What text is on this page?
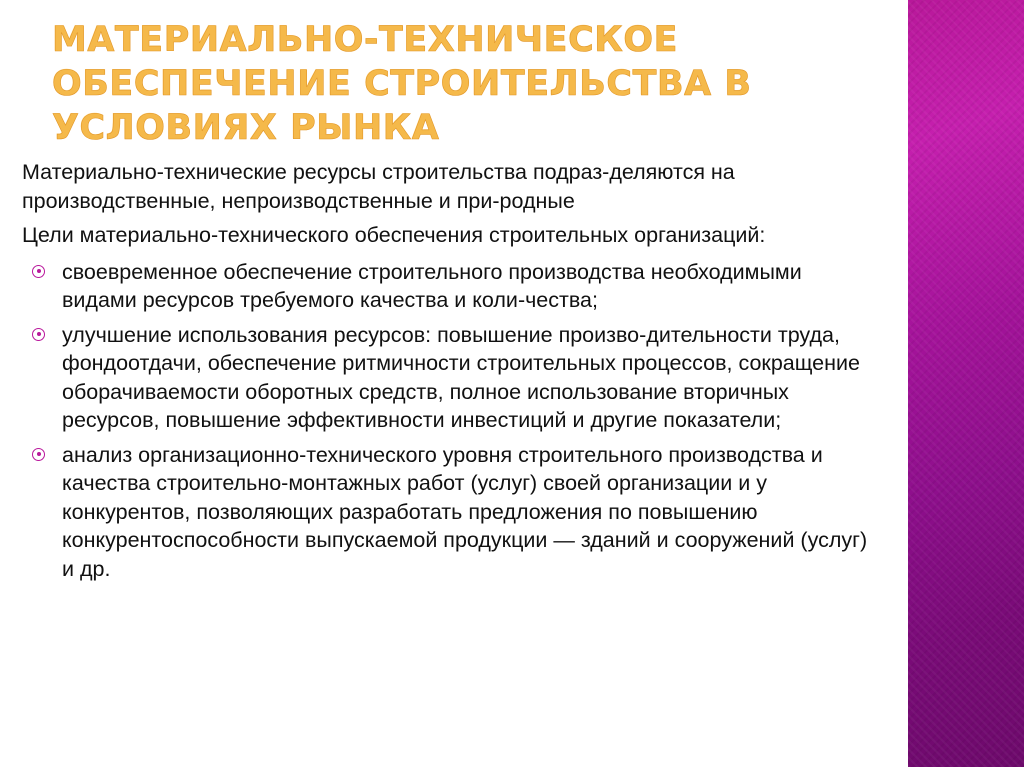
МАТЕРИАЛЬНО-ТЕХНИЧЕСКОЕ ОБЕСПЕЧЕНИЕ СТРОИТЕЛЬСТВА В УСЛОВИЯХ РЫНКА

Материально-технические ресурсы строительства подраз-деляются на производственные, непроизводственные и при-родные

Цели материально-технического обеспечения строительных организаций:

своевременное обеспечение строительного производства необходимыми видами ресурсов требуемого качества и коли-чества;
улучшение использования ресурсов: повышение произво-дительности труда, фондоотдачи, обеспечение ритмичности строительных процессов, сокращение оборачиваемости оборотных средств, полное использование вторичных ресурсов, повышение эффективности инвестиций и другие показатели;
анализ организационно-технического уровня строительного производства и качества строительно-монтажных работ (услуг) своей организации и у конкурентов, позволяющих разработать предложения по повышению конкурентоспособности выпускаемой продукции — зданий и сооружений (услуг) и др.
